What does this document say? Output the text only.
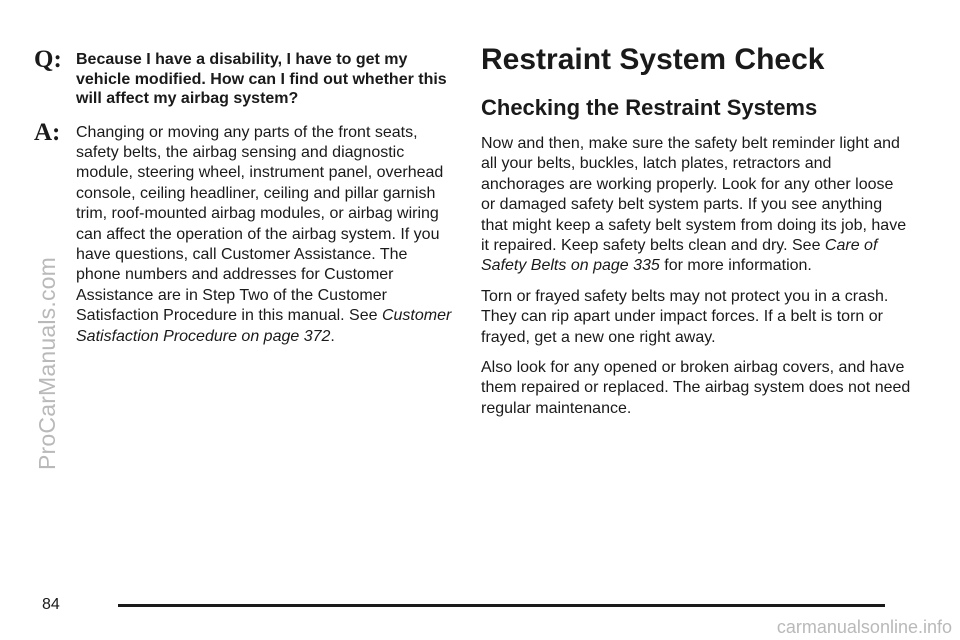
ProCarManuals.com
Q: Because I have a disability, I have to get my vehicle modified. How can I find out whether this will affect my airbag system?

A: Changing or moving any parts of the front seats, safety belts, the airbag sensing and diagnostic module, steering wheel, instrument panel, overhead console, ceiling headliner, ceiling and pillar garnish trim, roof-mounted airbag modules, or airbag wiring can affect the operation of the airbag system. If you have questions, call Customer Assistance. The phone numbers and addresses for Customer Assistance are in Step Two of the Customer Satisfaction Procedure in this manual. See Customer Satisfaction Procedure on page 372.

Restraint System Check
Checking the Restraint Systems

Now and then, make sure the safety belt reminder light and all your belts, buckles, latch plates, retractors and anchorages are working properly. Look for any other loose or damaged safety belt system parts. If you see anything that might keep a safety belt system from doing its job, have it repaired. Keep safety belts clean and dry. See Care of Safety Belts on page 335 for more information.

Torn or frayed safety belts may not protect you in a crash. They can rip apart under impact forces. If a belt is torn or frayed, get a new one right away.

Also look for any opened or broken airbag covers, and have them repaired or replaced. The airbag system does not need regular maintenance.

84
carmanualsonline.info
